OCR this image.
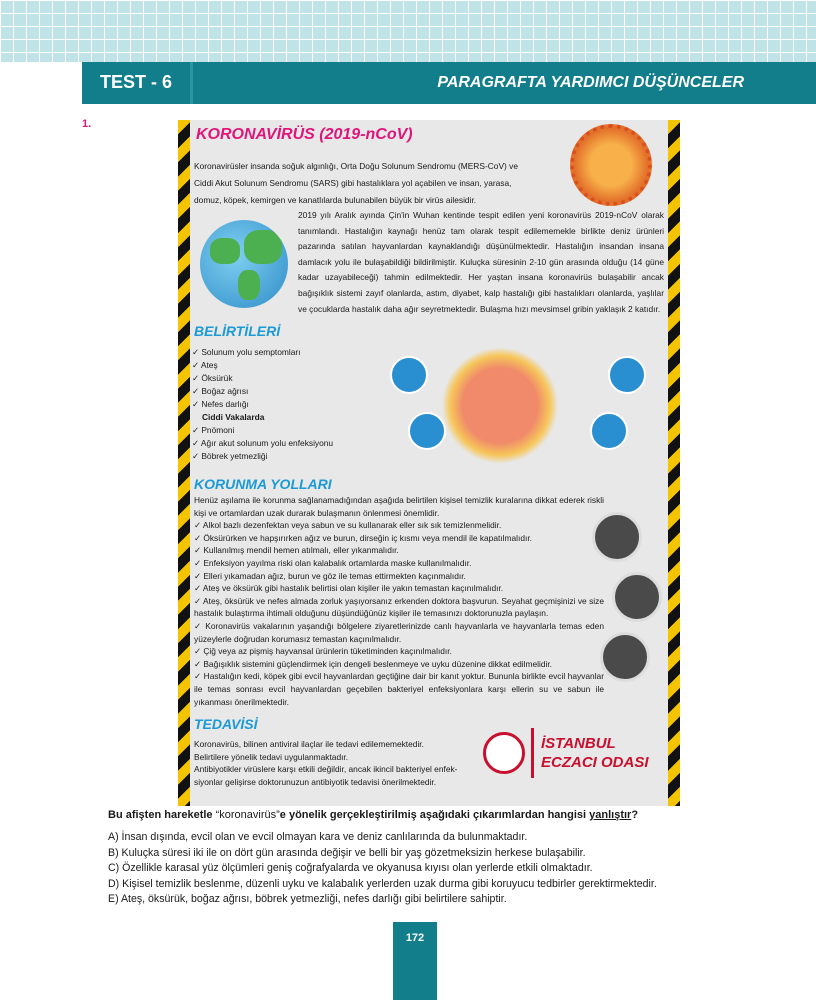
TEST - 6	PARAGRAFTA YARDIMCI DÜŞÜNCELER
1.
KORONAVİRÜS (2019-nCoV)
Koronavirüsler insanda soğuk algınlığı, Orta Doğu Solunum Sendromu (MERS-CoV) ve
Ciddi Akut Solunum Sendromu (SARS) gibi hastalıklara yol açabilen ve insan, yarasa,
domuz, köpek, kemirgen ve kanatlılarda bulunabilen büyük bir virüs ailesidir.
2019 yılı Aralık ayında Çin'in Wuhan kentinde tespit edilen yeni koronavirüs 2019-nCoV olarak tanımlandı. Hastalığın kaynağı henüz tam olarak tespit edilememekle birlikte deniz ürünleri pazarında satılan hayvanlardan kaynaklandığı düşünülmektedir. Hastalığın insandan insana damlacık yolu ile bulaşabildiği bildirilmiştir. Kuluçka süresinin 2-10 gün arasında olduğu (14 güne kadar uzayabileceği) tahmin edilmektedir. Her yaştan insana koronavirüs bulaşabilir ancak bağışıklık sistemi zayıf olanlarda, astım, diyabet, kalp hastalığı gibi hastalıkları olanlarda, yaşlılar ve çocuklarda hastalık daha ağır seyretmektedir. Bulaşma hızı mevsimsel gribin yaklaşık 2 katıdır.
BELİRTİLERİ
✓ Solunum yolu semptomları
✓ Ateş
✓ Öksürük
✓ Boğaz ağrısı
✓ Nefes darlığı
Ciddi Vakalarda
✓ Pnömoni
✓ Ağır akut solunum yolu enfeksiyonu
✓ Böbrek yetmezliği
KORUNMA YOLLARI
Henüz aşılama ile korunma sağlanamadığından aşağıda belirtilen kişisel temizlik kuralarına dikkat ederek riskli kişi ve ortamlardan uzak durarak bulaşmanın önlenmesi önemlidir.
✓ Alkol bazlı dezenfektan veya sabun ve su kullanarak eller sık sık temizlenmelidir.
✓ Öksürürken ve hapşırırken ağız ve burun, dirseğin iç kısmı veya mendil ile kapatılmalıdır.
✓ Kullanılmış mendil hemen atılmalı, eller yıkanmalıdır.
✓ Enfeksiyon yayılma riski olan kalabalık ortamlarda maske kullanılmalıdır.
✓ Elleri yıkamadan ağız, burun ve göz ile temas ettirmekten kaçınmalıdır.
✓ Ateş ve öksürük gibi hastalık belirtisi olan kişiler ile yakın temastan kaçınılmalıdır.
✓ Ateş, öksürük ve nefes almada zorluk yaşıyorsanız erkenden doktora başvurun. Seyahat geçmişinizi ve size hastalık bulaştırma ihtimali olduğunu düşündüğünüz kişiler ile temasınızı doktorunuzla paylaşın.
✓ Koronavirüs vakalarının yaşandığı bölgelere ziyaretlerinizde canlı hayvanlarla ve hayvanlarla temas eden yüzeylerle doğrudan korumasız temastan kaçınılmalıdır.
✓ Çiğ veya az pişmiş hayvansal ürünlerin tüketiminden kaçınılmalıdır.
✓ Bağışıklık sistemini güçlendirmek için dengeli beslenmeye ve uyku düzenine dikkat edilmelidir.
✓ Hastalığın kedi, köpek gibi evcil hayvanlardan geçtiğine dair bir kanıt yoktur. Bununla birlikte evcil hayvanlar ile temas sonrası evcil hayvanlardan geçebilen bakteriyel enfeksiyonlara karşı ellerin su ve sabun ile yıkanması önerilmektedir.
TEDAVİSİ
Koronavirüs, bilinen antiviral ilaçlar ile tedavi edilememektedir.
Belirtilere yönelik tedavi uygulanmaktadır.
Antibiyotikler virüslere karşı etkili değildir, ancak ikincil bakteriyel enfek-
siyonlar gelişirse doktorunuzun antibiyotik tedavisi önerilmektedir.
İSTANBUL ECZACI ODASI
Bu afişten hareketle “koronavirüs”e yönelik gerçekleştirilmiş aşağıdaki çıkarımlardan hangisi yanlıştır?
A) İnsan dışında, evcil olan ve evcil olmayan kara ve deniz canlılarında da bulunmaktadır.
B) Kuluçka süresi iki ile on dört gün arasında değişir ve belli bir yaş gözetmeksizin herkese bulaşabilir.
C) Özellikle karasal yüz ölçümleri geniş coğrafyalarda ve okyanusa kıyısı olan yerlerde etkili olmaktadır.
D) Kişisel temizlik beslenme, düzenli uyku ve kalabalık yerlerden uzak durma gibi koruyucu tedbirler gerektirmektedir.
E) Ateş, öksürük, boğaz ağrısı, böbrek yetmezliği, nefes darlığı gibi belirtilere sahiptir.
172
